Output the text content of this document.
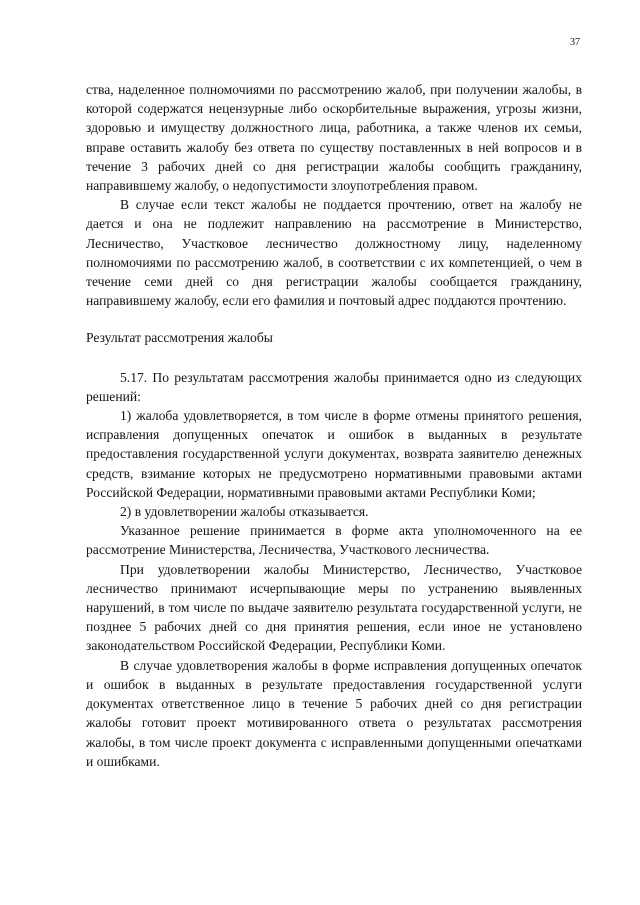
37

ства, наделенное полномочиями по рассмотрению жалоб, при получении жалобы, в которой содержатся нецензурные либо оскорбительные выражения, угрозы жизни, здоровью и имуществу должностного лица, работника, а также членов их семьи, вправе оставить жалобу без ответа по существу поставленных в ней вопросов и в течение 3 рабочих дней со дня регистрации жалобы сообщить гражданину, направившему жалобу, о недопустимости злоупотребления правом.

В случае если текст жалобы не поддается прочтению, ответ на жалобу не дается и она не подлежит направлению на рассмотрение в Министерство, Лесничество, Участковое лесничество должностному лицу, наделенному полномочиями по рассмотрению жалоб, в соответствии с их компетенцией, о чем в течение семи дней со дня регистрации жалобы сообщается гражданину, направившему жалобу, если его фамилия и почтовый адрес поддаются прочтению.

Результат рассмотрения жалобы

5.17. По результатам рассмотрения жалобы принимается одно из следующих решений:

1) жалоба удовлетворяется, в том числе в форме отмены принятого решения, исправления допущенных опечаток и ошибок в выданных в результате предоставления государственной услуги документах, возврата заявителю денежных средств, взимание которых не предусмотрено нормативными правовыми актами Российской Федерации, нормативными правовыми актами Республики Коми;

2) в удовлетворении жалобы отказывается.

Указанное решение принимается в форме акта уполномоченного на ее рассмотрение Министерства, Лесничества, Участкового лесничества.

При удовлетворении жалобы Министерство, Лесничество, Участковое лесничество принимают исчерпывающие меры по устранению выявленных нарушений, в том числе по выдаче заявителю результата государственной услуги, не позднее 5 рабочих дней со дня принятия решения, если иное не установлено законодательством Российской Федерации, Республики Коми.

В случае удовлетворения жалобы в форме исправления допущенных опечаток и ошибок в выданных в результате предоставления государственной услуги документах ответственное лицо в течение 5 рабочих дней со дня регистрации жалобы готовит проект мотивированного ответа о результатах рассмотрения жалобы, в том числе проект документа с исправленными допущенными опечатками и ошибками.
